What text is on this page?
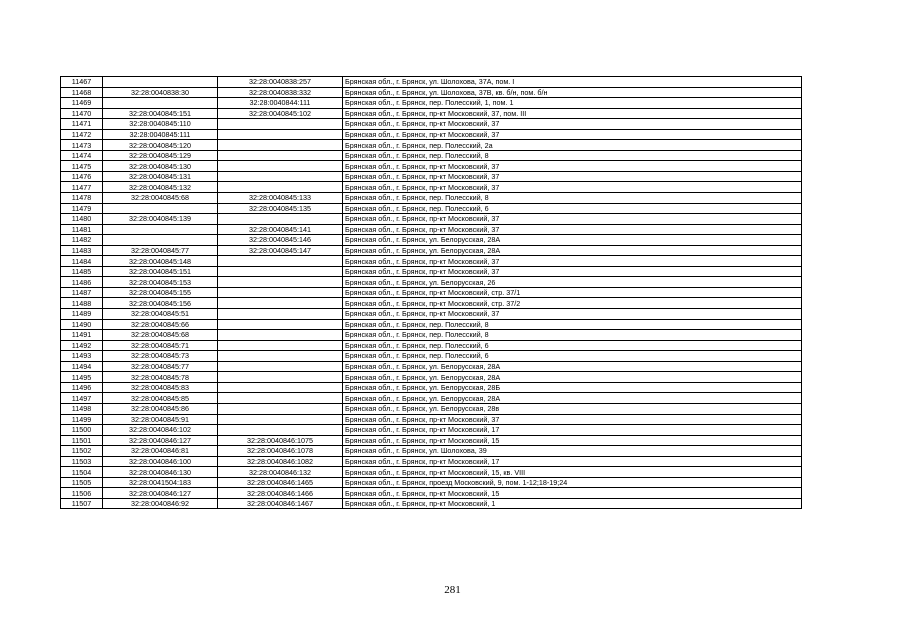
11467		32:28:0040838:257	Брянская обл., г. Брянск, ул. Шолохова, 37А, пом. I
11468	32:28:0040838:30	32:28:0040838:332	Брянская обл., г. Брянск, ул. Шолохова, 37В, кв. б/н, пом. б/н
11469		32:28:0040844:111	Брянская обл., г. Брянск, пер. Полесский, 1, пом. 1
11470	32:28:0040845:151	32:28:0040845:102	Брянская обл., г. Брянск, пр-кт Московский, 37, пом. III
11471	32:28:0040845:110		Брянская обл., г. Брянск, пр-кт Московский, 37
11472	32:28:0040845:111		Брянская обл., г. Брянск, пр-кт Московский, 37
11473	32:28:0040845:120		Брянская обл., г. Брянск, пер. Полесский, 2а
11474	32:28:0040845:129		Брянская обл., г. Брянск, пер. Полесский, 8
11475	32:28:0040845:130		Брянская обл., г. Брянск, пр-кт Московский, 37
11476	32:28:0040845:131		Брянская обл., г. Брянск, пр-кт Московский, 37
11477	32:28:0040845:132		Брянская обл., г. Брянск, пр-кт Московский, 37
11478	32:28:0040845:68	32:28:0040845:133	Брянская обл., г. Брянск, пер. Полесский, 8
11479		32:28:0040845:135	Брянская обл., г. Брянск, пер. Полесский, 6
11480	32:28:0040845:139		Брянская обл., г. Брянск, пр-кт Московский, 37
11481		32:28:0040845:141	Брянская обл., г. Брянск, пр-кт Московский, 37
11482		32:28:0040845:146	Брянская обл., г. Брянск, ул. Белорусская, 28А
11483	32:28:0040845:77	32:28:0040845:147	Брянская обл., г. Брянск, ул. Белорусская, 28А
11484	32:28:0040845:148		Брянская обл., г. Брянск, пр-кт Московский, 37
11485	32:28:0040845:151		Брянская обл., г. Брянск, пр-кт Московский, 37
11486	32:28:0040845:153		Брянская обл., г. Брянск, ул. Белорусская, 26
11487	32:28:0040845:155		Брянская обл., г. Брянск, пр-кт Московский, стр. 37/1
11488	32:28:0040845:156		Брянская обл., г. Брянск, пр-кт Московский, стр. 37/2
11489	32:28:0040845:51		Брянская обл., г. Брянск, пр-кт Московский, 37
11490	32:28:0040845:66		Брянская обл., г. Брянск, пер. Полесский, 8
11491	32:28:0040845:68		Брянская обл., г. Брянск, пер. Полесский, 8
11492	32:28:0040845:71		Брянская обл., г. Брянск, пер. Полесский, 6
11493	32:28:0040845:73		Брянская обл., г. Брянск, пер. Полесский, 6
11494	32:28:0040845:77		Брянская обл., г. Брянск, ул. Белорусская, 28А
11495	32:28:0040845:78		Брянская обл., г. Брянск, ул. Белорусская, 28А
11496	32:28:0040845:83		Брянская обл., г. Брянск, ул. Белорусская, 28Б
11497	32:28:0040845:85		Брянская обл., г. Брянск, ул. Белорусская, 28А
11498	32:28:0040845:86		Брянская обл., г. Брянск, ул. Белорусская, 28в
11499	32:28:0040845:91		Брянская обл., г. Брянск, пр-кт Московский, 37
11500	32:28:0040846:102		Брянская обл., г. Брянск, пр-кт Московский, 17
11501	32:28:0040846:127	32:28:0040846:1075	Брянская обл., г. Брянск, пр-кт Московский, 15
11502	32:28:0040846:81	32:28:0040846:1078	Брянская обл., г. Брянск, ул. Шолохова, 39
11503	32:28:0040846:100	32:28:0040846:1082	Брянская обл., г. Брянск, пр-кт Московский, 17
11504	32:28:0040846:130	32:28:0040846:132	Брянская обл., г. Брянск, пр-кт Московский, 15, кв. VIII
11505	32:28:0041504:183	32:28:0040846:1465	Брянская обл., г. Брянск, проезд Московский, 9, пом. 1-12;18-19;24
11506	32:28:0040846:127	32:28:0040846:1466	Брянская обл., г. Брянск, пр-кт Московский, 15
11507	32:28:0040846:92	32:28:0040846:1467	Брянская обл., г. Брянск, пр-кт Московский, 1
281
